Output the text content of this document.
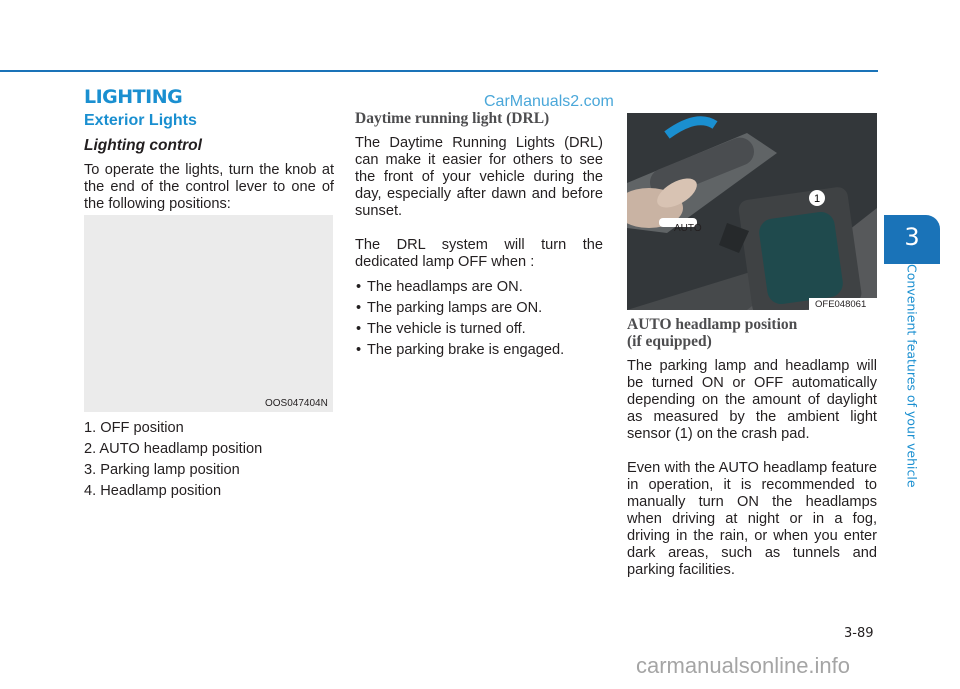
LIGHTING	CarManuals2.com

Exterior Lights

Lighting control

To operate the lights, turn the knob at the end of the control lever to one of the following positions:

OOS047404N
1. OFF position
2. AUTO headlamp position
3. Parking lamp position
4. Headlamp position

Daytime running light (DRL)

The Daytime Running Lights (DRL) can make it easier for others to see the front of your vehicle during the day, especially after dawn and before sunset.

The DRL system will turn the dedicated lamp OFF when :

• The headlamps are ON.
• The parking lamps are ON.
• The vehicle is turned off.
• The parking brake is engaged.
1
AUTO
OFE048061

AUTO headlamp position
(if equipped)

The parking lamp and headlamp will be turned ON or OFF automatically depending on the amount of daylight as measured by the ambient light sensor (1) on the crash pad.

Even with the AUTO headlamp feature in operation, it is recommended to manually turn ON the headlamps when driving at night or in a fog, driving in the rain, or when you enter dark areas, such as tunnels and parking facilities.

3
Convenient features of your vehicle
3-89
carmanualsonline.info
